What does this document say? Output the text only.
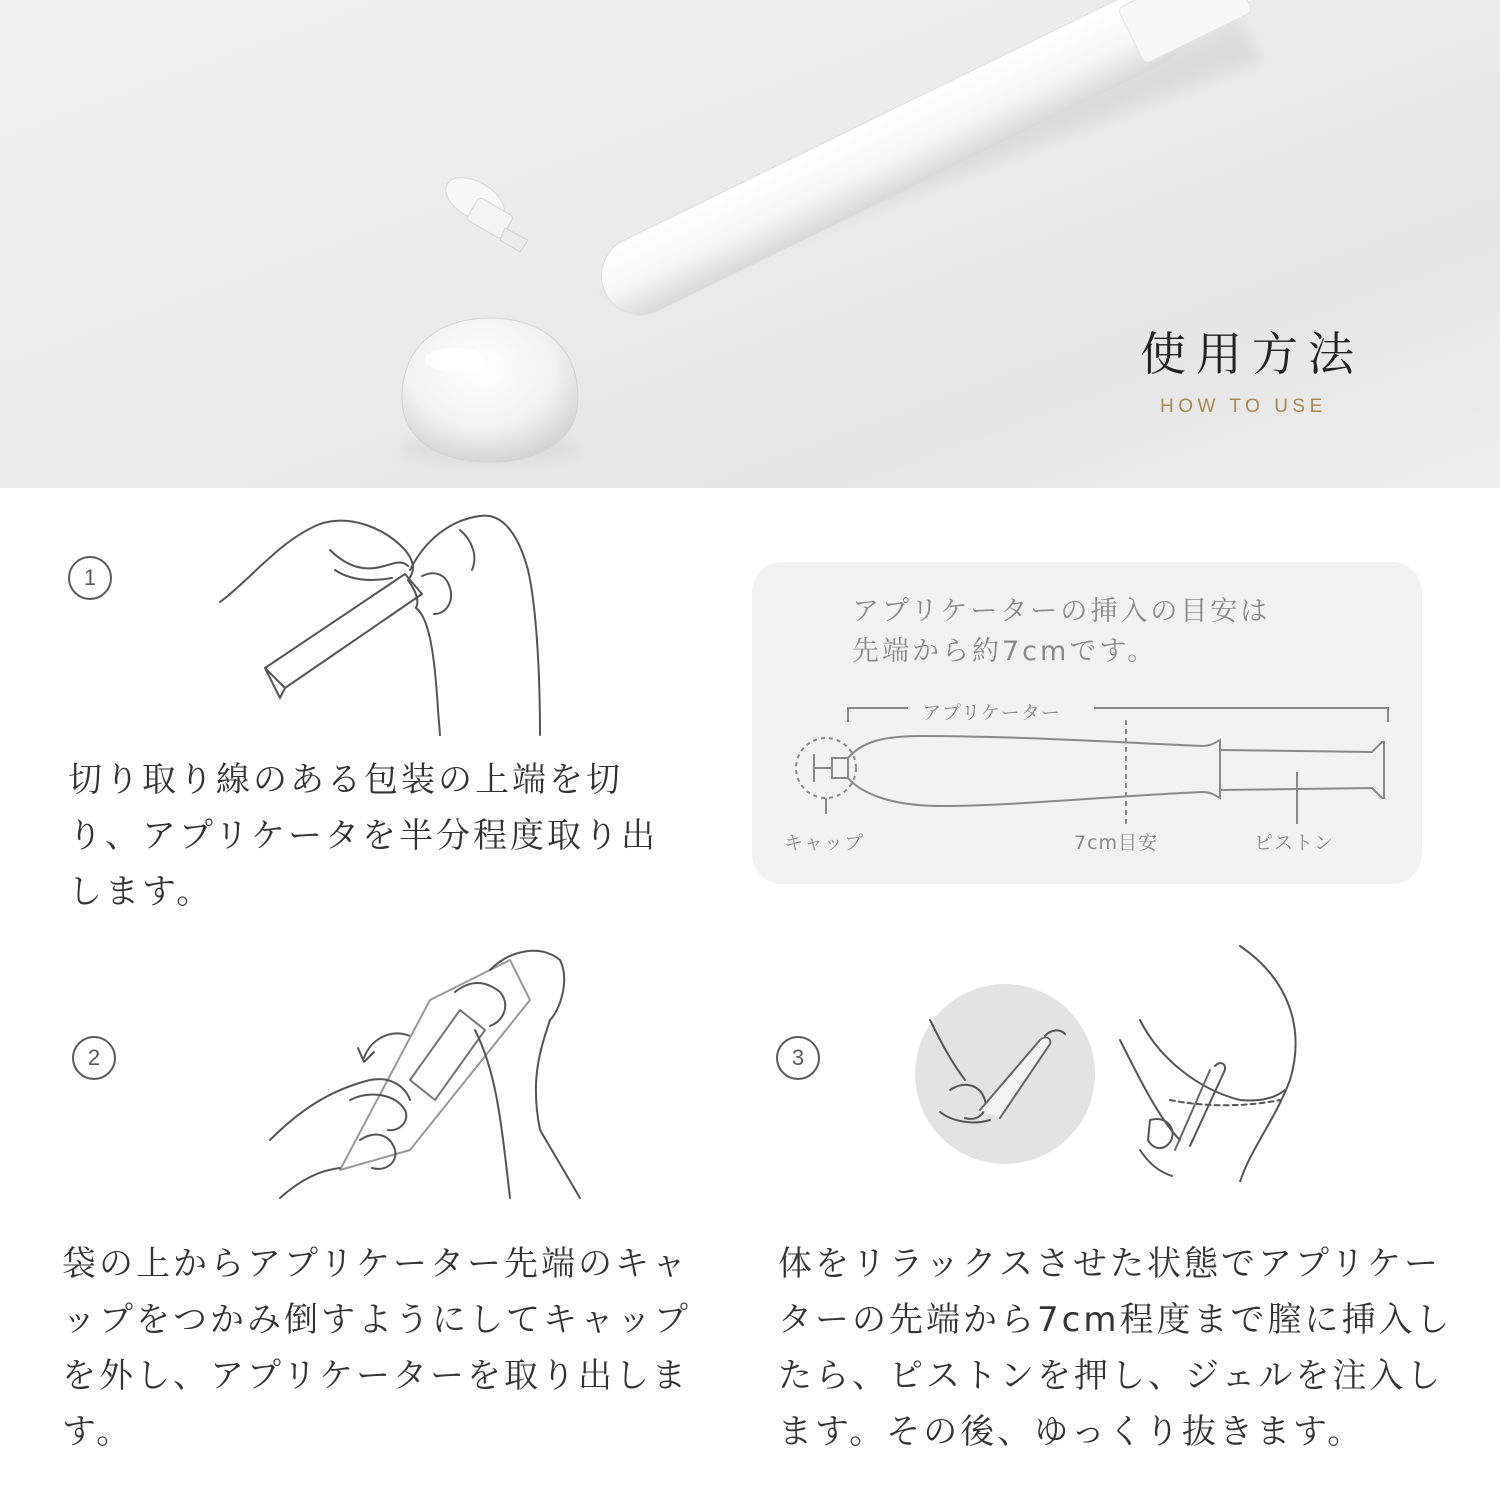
使用方法

HOW TO USE

1

切り取り線のある包装の上端を切り、アプリケータを半分程度取り出します。

アプリケーターの挿入の目安は
先端から約7cmです。

アプリケーター
キャップ	7cm目安	ピストン
2

袋の上からアプリケーター先端のキャップをつかみ倒すようにしてキャップを外し、アプリケーターを取り出します。

3

体をリラックスさせた状態でアプリケーターの先端から7cm程度まで膣に挿入したら、ピストンを押し、ジェルを注入します。その後、ゆっくり抜きます。
